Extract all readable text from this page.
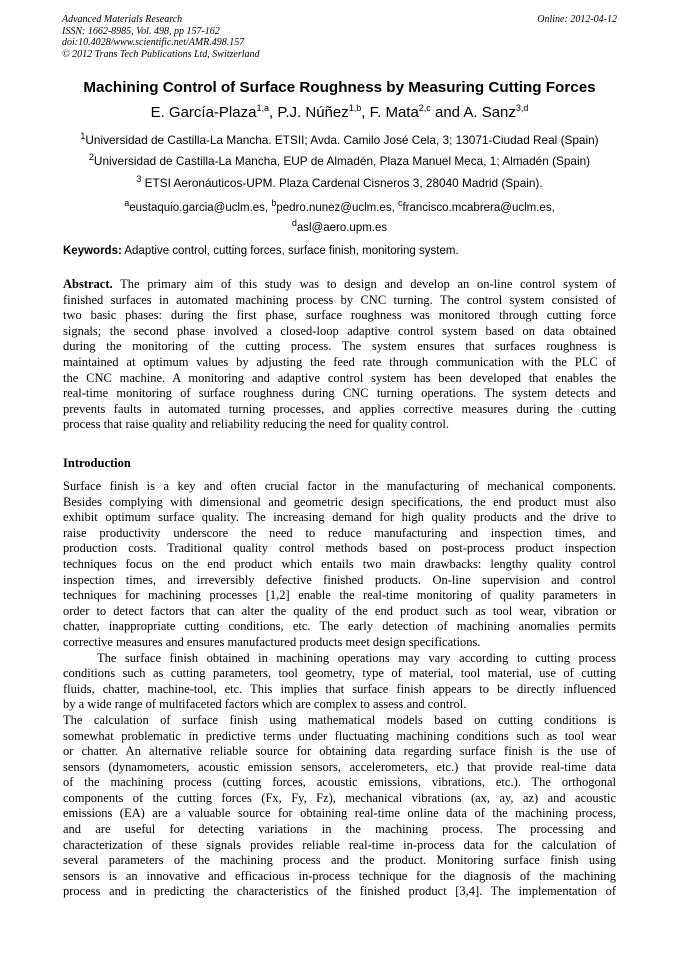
Advanced Materials Research
ISSN: 1662-8985, Vol. 498, pp 157-162
doi:10.4028/www.scientific.net/AMR.498.157
© 2012 Trans Tech Publications Ltd, Switzerland
Online: 2012-04-12
Machining Control of Surface Roughness by Measuring Cutting Forces
E. García-Plaza$^{1,a}$, P.J. Núñez$^{1,b}$, F. Mata$^{2,c}$ and A. Sanz$^{3,d}$
$^1$Universidad de Castilla-La Mancha. ETSII; Avda. Camilo José Cela, 3; 13071-Ciudad Real (Spain)
$^2$Universidad de Castilla-La Mancha, EUP de Almadén, Plaza Manuel Meca, 1; Almadén (Spain)
$^3$ ETSI Aeronáuticos-UPM. Plaza Cardenal Cisneros 3, 28040 Madrid (Spain).
$^a$eustaquio.garcia@uclm.es, $^b$pedro.nunez@uclm.es, $^c$francisco.mcabrera@uclm.es,
$^d$asl@aero.upm.es
Keywords: Adaptive control, cutting forces, surface finish, monitoring system.
Abstract. The primary aim of this study was to design and develop an on-line control system of
finished surfaces in automated machining process by CNC turning. The control system consisted of
two basic phases: during the first phase, surface roughness was monitored through cutting force
signals; the second phase involved a closed-loop adaptive control system based on data obtained
during the monitoring of the cutting process. The system ensures that surfaces roughness is
maintained at optimum values by adjusting the feed rate through communication with the PLC of
the CNC machine. A monitoring and adaptive control system has been developed that enables the
real-time monitoring of surface roughness during CNC turning operations. The system detects and
prevents faults in automated turning processes, and applies corrective measures during the cutting
process that raise quality and reliability reducing the need for quality control.
Introduction
Surface finish is a key and often crucial factor in the manufacturing of mechanical components.
Besides complying with dimensional and geometric design specifications, the end product must also
exhibit optimum surface quality. The increasing demand for high quality products and the drive to
raise productivity underscore the need to reduce manufacturing and inspection times, and
production costs. Traditional quality control methods based on post-process product inspection
techniques focus on the end product which entails two main drawbacks: lengthy quality control
inspection times, and irreversibly defective finished products. On-line supervision and control
techniques for machining processes [1,2] enable the real-time monitoring of quality parameters in
order to detect factors that can alter the quality of the end product such as tool wear, vibration or
chatter, inappropriate cutting conditions, etc. The early detection of machining anomalies permits
corrective measures and ensures manufactured products meet design specifications.
The surface finish obtained in machining operations may vary according to cutting process
conditions such as cutting parameters, tool geometry, type of material, tool material, use of cutting
fluids, chatter, machine-tool, etc. This implies that surface finish appears to be directly influenced
by a wide range of multifaceted factors which are complex to assess and control.
The calculation of surface finish using mathematical models based on cutting conditions is
somewhat problematic in predictive terms under fluctuating machining conditions such as tool wear
or chatter. An alternative reliable source for obtaining data regarding surface finish is the use of
sensors (dynamometers, acoustic emission sensors, accelerometers, etc.) that provide real-time data
of the machining process (cutting forces, acoustic emissions, vibrations, etc.). The orthogonal
components of the cutting forces (Fx, Fy, Fz), mechanical vibrations (ax, ay, az) and acoustic
emissions (EA) are a valuable source for obtaining real-time online data of the machining process,
and are useful for detecting variations in the machining process. The processing and
characterization of these signals provides reliable real-time in-process data for the calculation of
several parameters of the machining process and the product. Monitoring surface finish using
sensors is an innovative and efficacious in-process technique for the diagnosis of the machining
process and in predicting the characteristics of the finished product [3,4]. The implementation of
